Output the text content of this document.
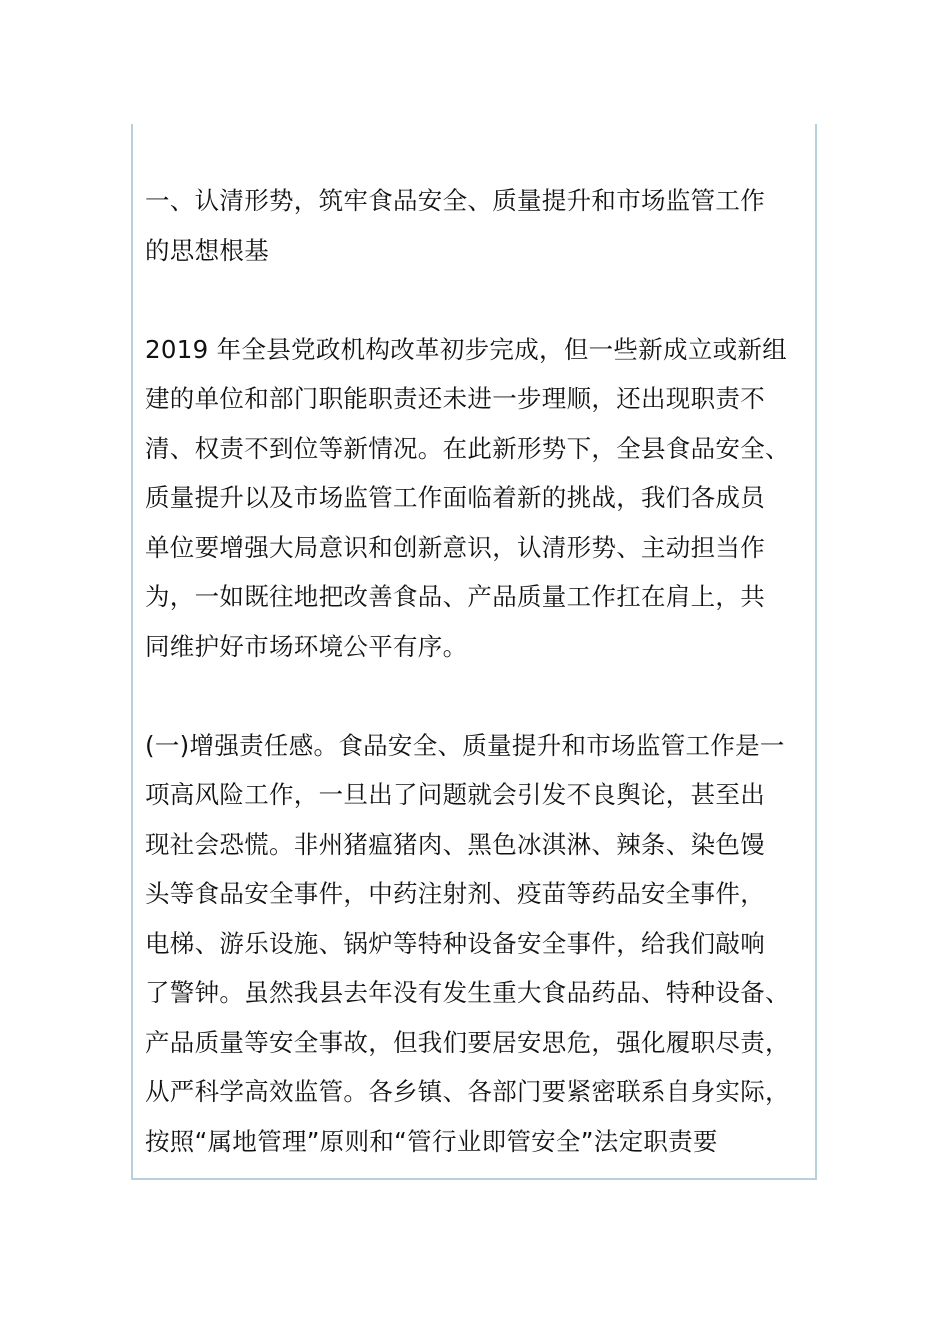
一、认清形势，筑牢食品安全、质量提升和市场监管工作
的思想根基
2019 年全县党政机构改革初步完成，但一些新成立或新组
建的单位和部门职能职责还未进一步理顺，还出现职责不
清、权责不到位等新情况。在此新形势下，全县食品安全、
质量提升以及市场监管工作面临着新的挑战，我们各成员
单位要增强大局意识和创新意识，认清形势、主动担当作
为，一如既往地把改善食品、产品质量工作扛在肩上，共
同维护好市场环境公平有序。
(一)增强责任感。食品安全、质量提升和市场监管工作是一
项高风险工作，一旦出了问题就会引发不良舆论，甚至出
现社会恐慌。非州猪瘟猪肉、黑色冰淇淋、辣条、染色馒
头等食品安全事件，中药注射剂、疫苗等药品安全事件，
电梯、游乐设施、锅炉等特种设备安全事件，给我们敲响
了警钟。虽然我县去年没有发生重大食品药品、特种设备、
产品质量等安全事故，但我们要居安思危，强化履职尽责，
从严科学高效监管。各乡镇、各部门要紧密联系自身实际，
按照“属地管理”原则和“管行业即管安全”法定职责要
